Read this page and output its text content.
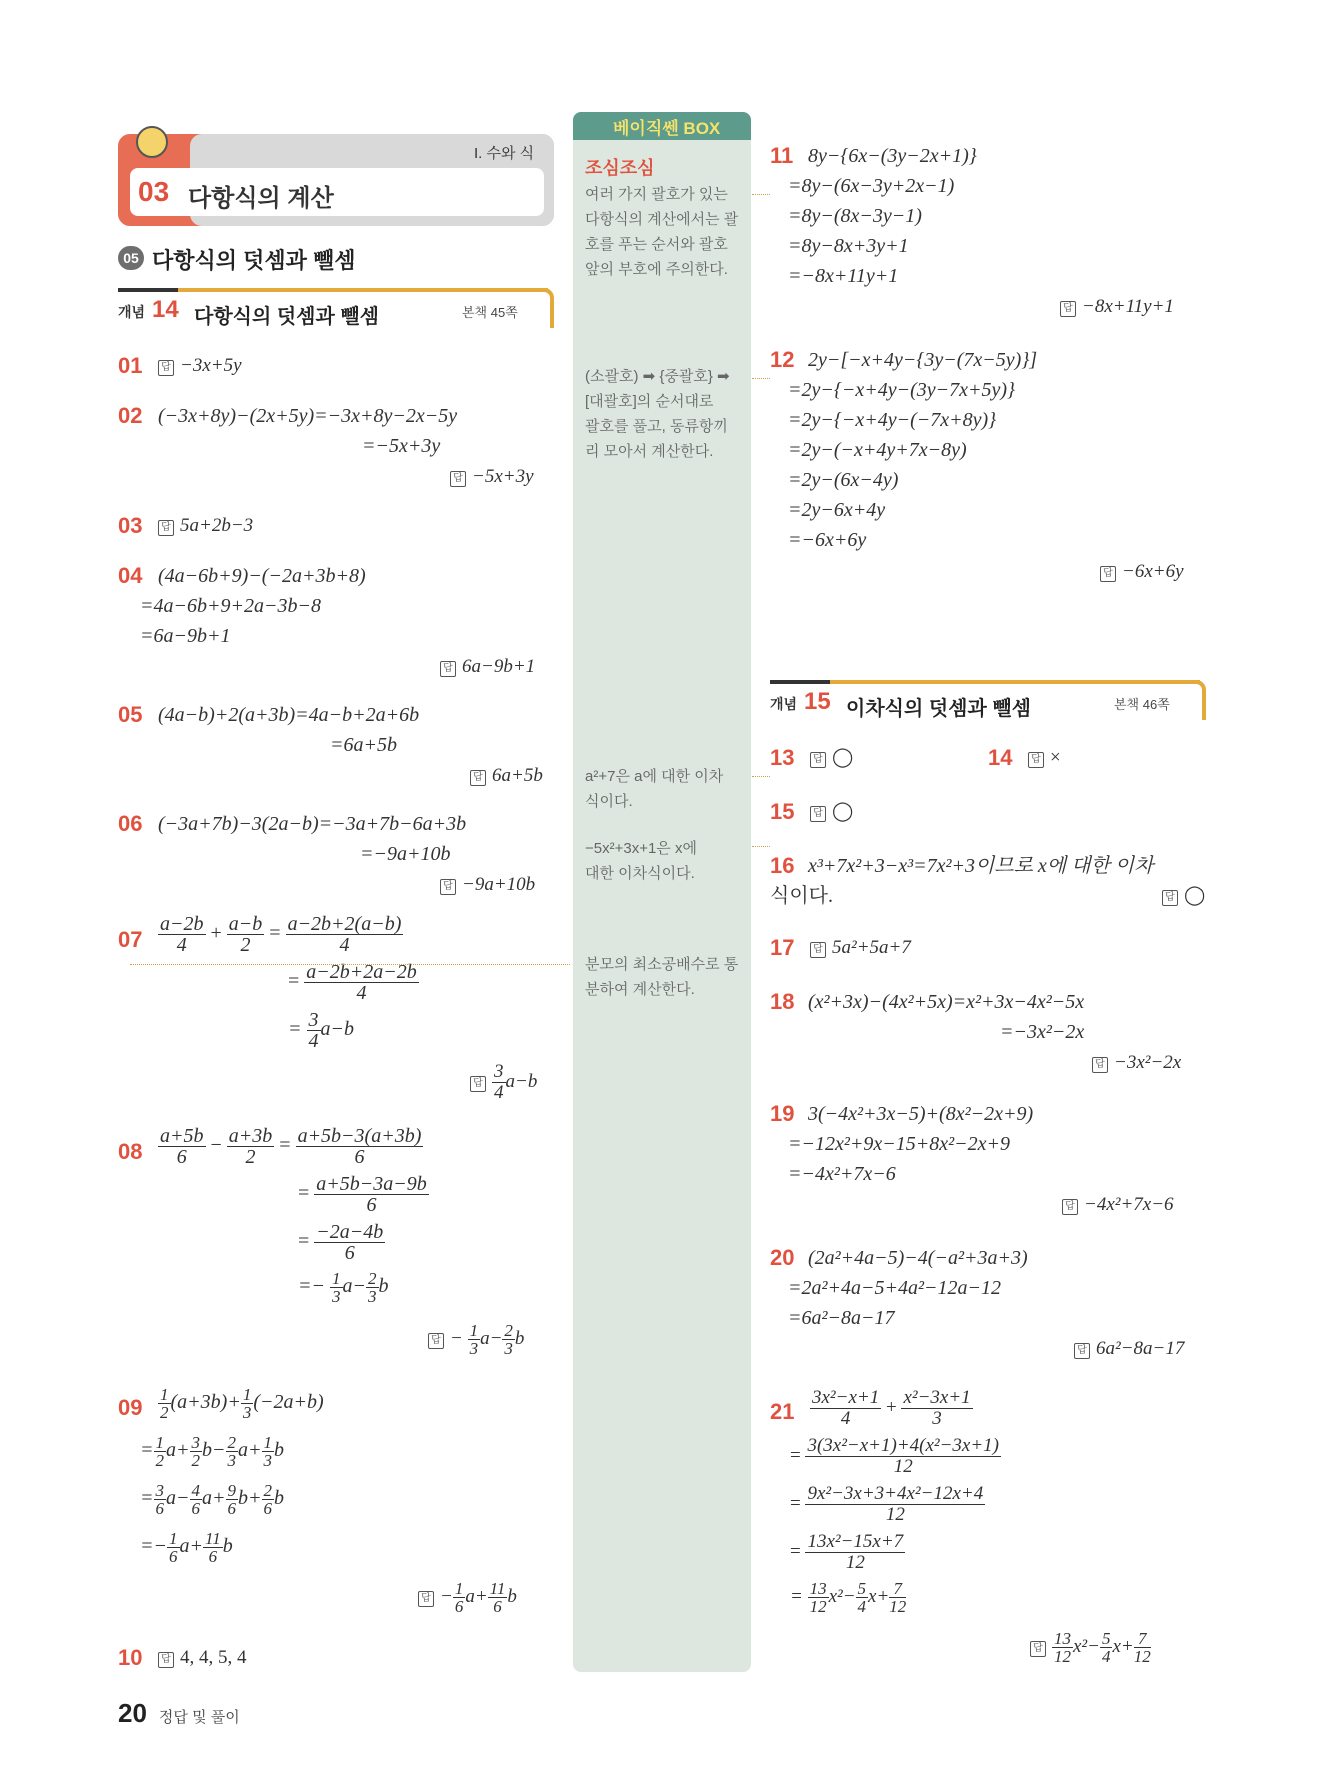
I. 수와 식
03 다항식의 계산
05 다항식의 덧셈과 뺄셈
개념 14 다항식의 덧셈과 뺄셈	본책 45쪽
01	답 −3x+5y
02 (−3x+8y)−(2x+5y)=−3x+8y−2x−5y
=−5x+3y
답 −5x+3y
03	답 5a+2b−3
04 (4a−6b+9)−(−2a+3b+8)
=4a−6b+9+2a−3b−8
=6a−9b+1
답 6a−9b+1
05 (4a−b)+2(a+3b)=4a−b+2a+6b
=6a+5b
답 6a+5b
06 (−3a+7b)−3(2a−b)=−3a+7b−6a+3b
=−9a+10b
답 −9a+10b
$07 \frac{a-2b}{4} + \frac{a-b}{2} = \frac{a-2b+2(a-b)}{4}$
= $\frac{a-2b+2a-2b}{4}$
= $\frac{3}{4} a-b$
답 $\frac{3}{4} a-b$
$08 \frac{a+5b}{6} - \frac{a+3b}{2} = \frac{a+5b-3(a+3b)}{6}$
= $\frac{a+5b-3a-9b}{6}$
= $\frac{-2a-4b}{6}$
=− $\frac{1}{3} a- \frac{2}{3}$ b
답 − $\frac{1}{3} a- \frac{2}{3}$ b
$09 \frac{1}{2} (a+3b)+ \frac{1}{3} (-2a+b)$
= $\frac{1}{2} a+ \frac{3}{2} b- \frac{2}{3} a+ \frac{1}{3}$ b
= $\frac{3}{6} a- \frac{4}{6} a+ \frac{9}{6} b+ \frac{2}{6}$ b
=− $\frac{1}{6} a+ \frac{11}{6}$ b
답 − $\frac{1}{6} a+ \frac{11}{6}$ b
10	답 4, 4, 5, 4
베이직쎈 BOX
조심조심
여러 가지 괄호가 있는
다항식의 계산에서는 괄
호를 푸는 순서와 괄호
앞의 부호에 주의한다.
(소괄호) ➡ {중괄호} ➡
[대괄호]의 순서대로
괄호를 풀고, 동류항끼
리 모아서 계산한다.
a²+7은 a에 대한 이차
식이다.
−5x²+3x+1은 x에
대한 이차식이다.
분모의 최소공배수로 통
분하여 계산한다.
11 8y−{6x−(3y−2x+1)}
=8y−(6x−3y+2x−1)
=8y−(8x−3y−1)
=8y−8x+3y+1
=−8x+11y+1
답 −8x+11y+1
12 2y−[−x+4y−{3y−(7x−5y)}]
=2y−{−x+4y−(3y−7x+5y)}
=2y−{−x+4y−(−7x+8y)}
=2y−(−x+4y+7x−8y)
=2y−(6x−4y)
=2y−6x+4y
=−6x+6y
답 −6x+6y
개념 15 이차식의 덧셈과 뺄셈	본책 46쪽
13	답 ◯	14	답 ×
15	답 ◯
16 x³+7x²+3−x³=7x²+3이므로 x에 대한 이차
식이다.	답 ◯
17	답 5a²+5a+7
18 (x²+3x)−(4x²+5x)=x²+3x−4x²−5x
=−3x²−2x
답 −3x²−2x
19 3(−4x²+3x−5)+(8x²−2x+9)
=−12x²+9x−15+8x²−2x+9
=−4x²+7x−6
답 −4x²+7x−6
20 (2a²+4a−5)−4(−a²+3a+3)
=2a²+4a−5+4a²−12a−12
=6a²−8a−17
답 6a²−8a−17
$21 \frac{\text{3x²−x+1}}{4} + \frac{\text{x²−3x+1}}{3}$
= $\frac{\text{3(3x²−x+1)+4(x²−3x+1)}}{12}$
= $\frac{\text{9x²−3x+3+4x²−12x+4}}{12}$
= $\frac{\text{13x²−15x+7}}{12}$
= $\frac{13}{12} x^2- \frac{5}{4} x+ \frac{7}{12}$
답 $\frac{13}{12} x^2- \frac{5}{4} x+ \frac{7}{12}$
20 정답 및 풀이
